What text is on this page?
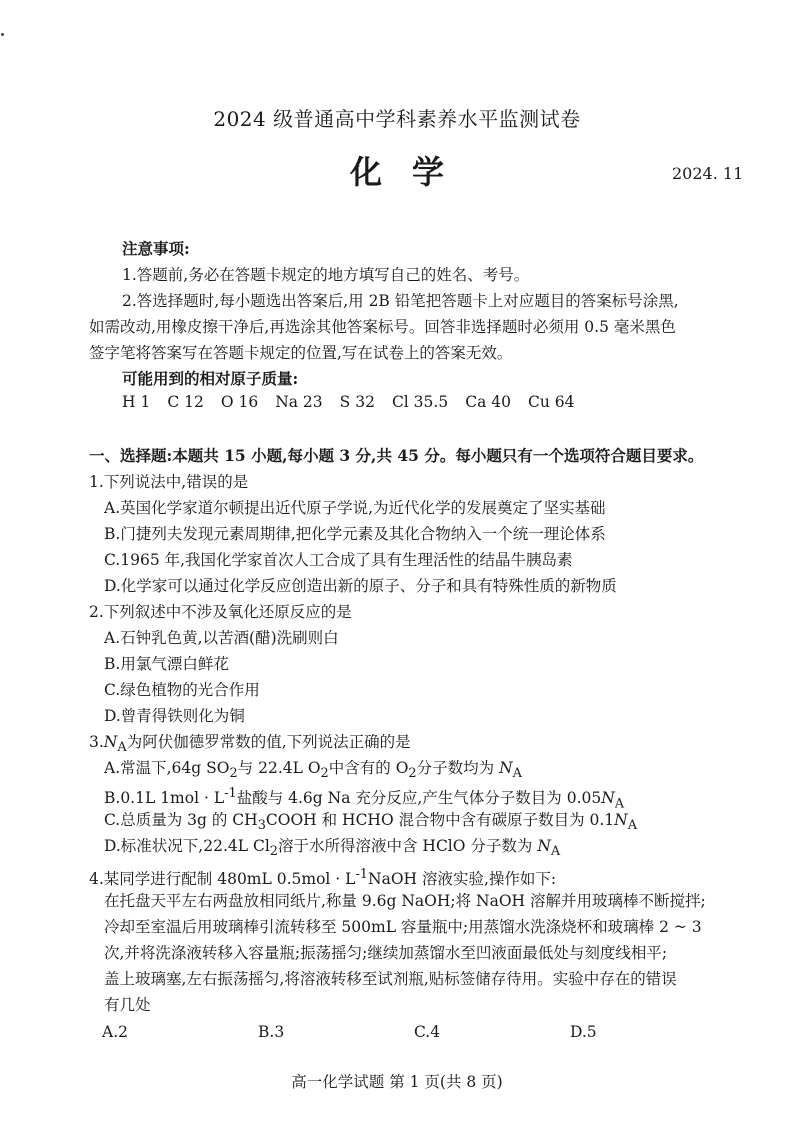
2024 级普通高中学科素养水平监测试卷
化学	2024. 11
注意事项:
1.答题前,务必在答题卡规定的地方填写自己的姓名、考号。
2.答选择题时,每小题选出答案后,用 2B 铅笔把答题卡上对应题目的答案标号涂黑,
如需改动,用橡皮擦干净后,再选涂其他答案标号。回答非选择题时必须用 0.5 毫米黑色
签字笔将答案写在答题卡规定的位置,写在试卷上的答案无效。
可能用到的相对原子质量:
H 1 C 12 O 16 Na 23 S 32 Cl 35.5 Ca 40 Cu 64
一、选择题:本题共 15 小题,每小题 3 分,共 45 分。每小题只有一个选项符合题目要求。
1.下列说法中,错误的是
A.英国化学家道尔顿提出近代原子学说,为近代化学的发展奠定了坚实基础
B.门捷列夫发现元素周期律,把化学元素及其化合物纳入一个统一理论体系
C.1965 年,我国化学家首次人工合成了具有生理活性的结晶牛胰岛素
D.化学家可以通过化学反应创造出新的原子、分子和具有特殊性质的新物质
2.下列叙述中不涉及氧化还原反应的是
A.石钟乳色黄,以苦酒(醋)洗刷则白
B.用氯气漂白鲜花
C.绿色植物的光合作用
D.曾青得铁则化为铜
$3.N_A$为阿伏伽德罗常数的值,下列说法正确的是
A.常温下,64g $SO_2$与 22.4L $O_2$中含有的 $O_2$分子数均为 $N_A$
B.0.1L $1mol \cdot L^{-1}$盐酸与 4.6g Na 充分反应,产生气体分子数目为 $0.05N_A$
C.总质量为 3g 的 $CH_3COOH$ 和 HCHO 混合物中含有碳原子数目为 $0.1N_A$
D.标准状况下,22.4L $Cl_2$溶于水所得溶液中含 HClO 分子数为 $N_A$
4.某同学进行配制 480mL $0.5mol \cdot L^{-1}NaOH$ 溶液实验,操作如下:
在托盘天平左右两盘放相同纸片,称量 9.6g NaOH;将 NaOH 溶解并用玻璃棒不断搅拌;
冷却至室温后用玻璃棒引流转移至 500mL 容量瓶中;用蒸馏水洗涤烧杯和玻璃棒 2 ~ 3
次,并将洗涤液转移入容量瓶;振荡摇匀;继续加蒸馏水至凹液面最低处与刻度线相平;
盖上玻璃塞,左右振荡摇匀,将溶液转移至试剂瓶,贴标签储存待用。实验中存在的错误
有几处
A.2	B.3	C.4	D.5
高一化学试题 第 1 页(共 8 页)
